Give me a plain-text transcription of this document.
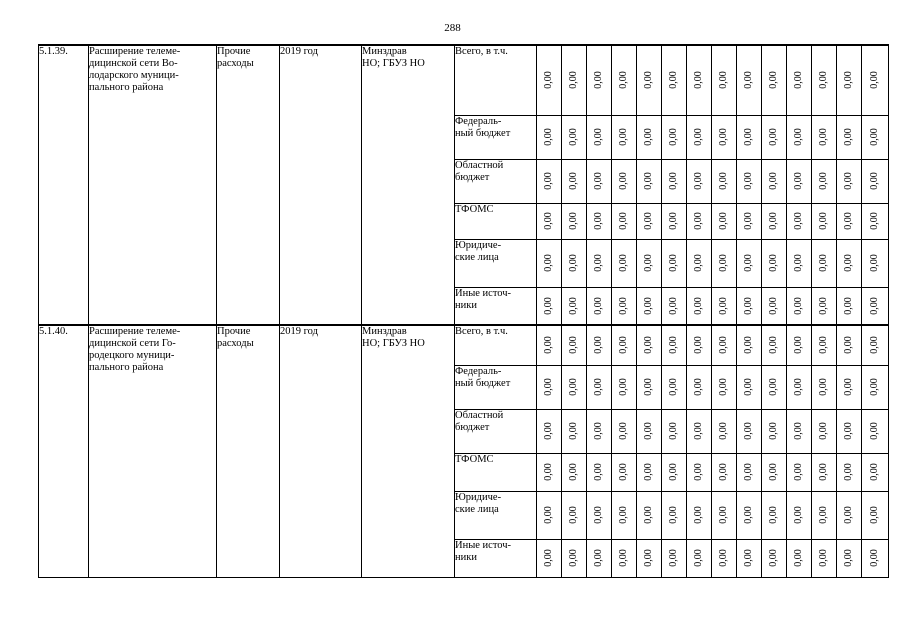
288
5.1.39.	Расширение телеме-
дицинской сети Во-
лодарского муници-
пального района	Прочие
расходы	2019 год	Минздрав
НО; ГБУЗ НО	Всего, в т.ч.	0,00	0,00	0,00	0,00	0,00	0,00	0,00	0,00	0,00	0,00	0,00	0,00	0,00	0,00

					Федераль-
ный бюджет	0,00	0,00	0,00	0,00	0,00	0,00	0,00	0,00	0,00	0,00	0,00	0,00	0,00	0,00

					Областной
бюджет	0,00	0,00	0,00	0,00	0,00	0,00	0,00	0,00	0,00	0,00	0,00	0,00	0,00	0,00

					ТФОМС	0,00	0,00	0,00	0,00	0,00	0,00	0,00	0,00	0,00	0,00	0,00	0,00	0,00	0,00

					Юридиче-
ские лица	0,00	0,00	0,00	0,00	0,00	0,00	0,00	0,00	0,00	0,00	0,00	0,00	0,00	0,00

					Иные источ-
ники	0,00	0,00	0,00	0,00	0,00	0,00	0,00	0,00	0,00	0,00	0,00	0,00	0,00	0,00

5.1.40.	Расширение телеме-
дицинской сети Го-
родецкого муници-
пального района	Прочие
расходы	2019 год	Минздрав
НО; ГБУЗ НО	Всего, в т.ч.	0,00	0,00	0,00	0,00	0,00	0,00	0,00	0,00	0,00	0,00	0,00	0,00	0,00	0,00

					Федераль-
ный бюджет	0,00	0,00	0,00	0,00	0,00	0,00	0,00	0,00	0,00	0,00	0,00	0,00	0,00	0,00

					Областной
бюджет	0,00	0,00	0,00	0,00	0,00	0,00	0,00	0,00	0,00	0,00	0,00	0,00	0,00	0,00

					ТФОМС	0,00	0,00	0,00	0,00	0,00	0,00	0,00	0,00	0,00	0,00	0,00	0,00	0,00	0,00

					Юридиче-
ские лица	0,00	0,00	0,00	0,00	0,00	0,00	0,00	0,00	0,00	0,00	0,00	0,00	0,00	0,00

					Иные источ-
ники	0,00	0,00	0,00	0,00	0,00	0,00	0,00	0,00	0,00	0,00	0,00	0,00	0,00	0,00
